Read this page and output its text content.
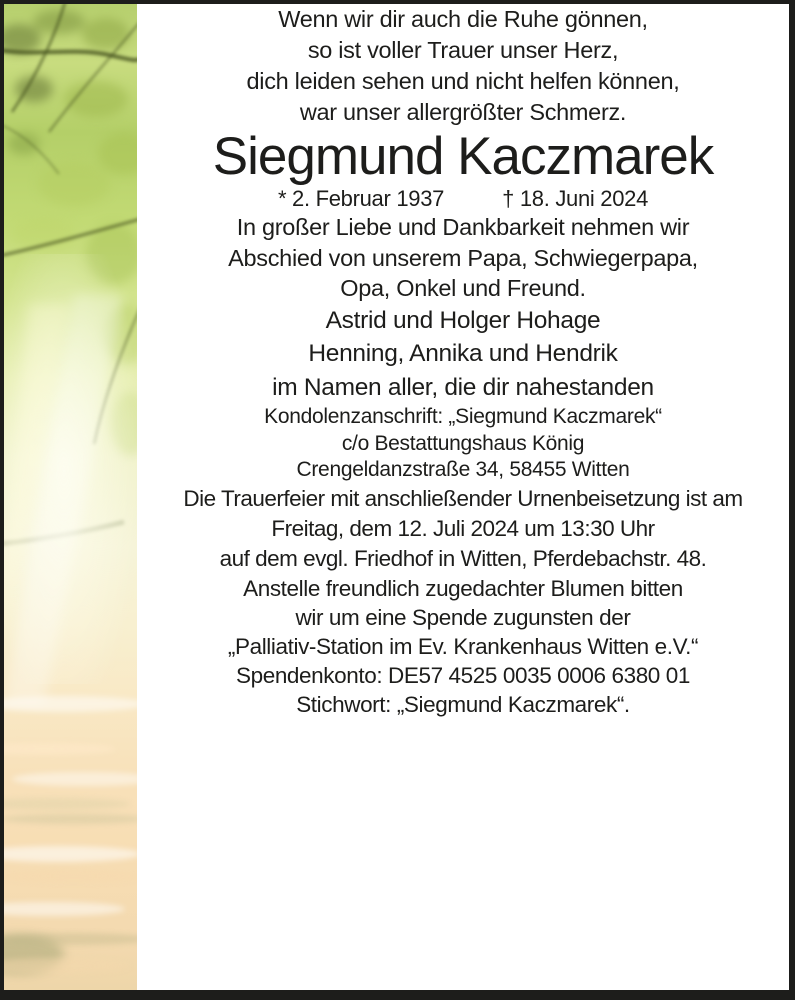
Wenn wir dir auch die Ruhe gönnen,
so ist voller Trauer unser Herz,
dich leiden sehen und nicht helfen können,
war unser allergrößter Schmerz.
Siegmund Kaczmarek
* 2. Februar 1937	† 18. Juni 2024
In großer Liebe und Dankbarkeit nehmen wir
Abschied von unserem Papa, Schwiegerpapa,
Opa, Onkel und Freund.
Astrid und Holger Hohage
Henning, Annika und Hendrik
im Namen aller, die dir nahestanden
Kondolenzanschrift: „Siegmund Kaczmarek“
c/o Bestattungshaus König
Crengeldanzstraße 34, 58455 Witten
Die Trauerfeier mit anschließender Urnenbeisetzung ist am
Freitag, dem 12. Juli 2024 um 13:30 Uhr
auf dem evgl. Friedhof in Witten, Pferdebachstr. 48.
Anstelle freundlich zugedachter Blumen bitten
wir um eine Spende zugunsten der
„Palliativ-Station im Ev. Krankenhaus Witten e.V.“
Spendenkonto: DE57 4525 0035 0006 6380 01
Stichwort: „Siegmund Kaczmarek“.
